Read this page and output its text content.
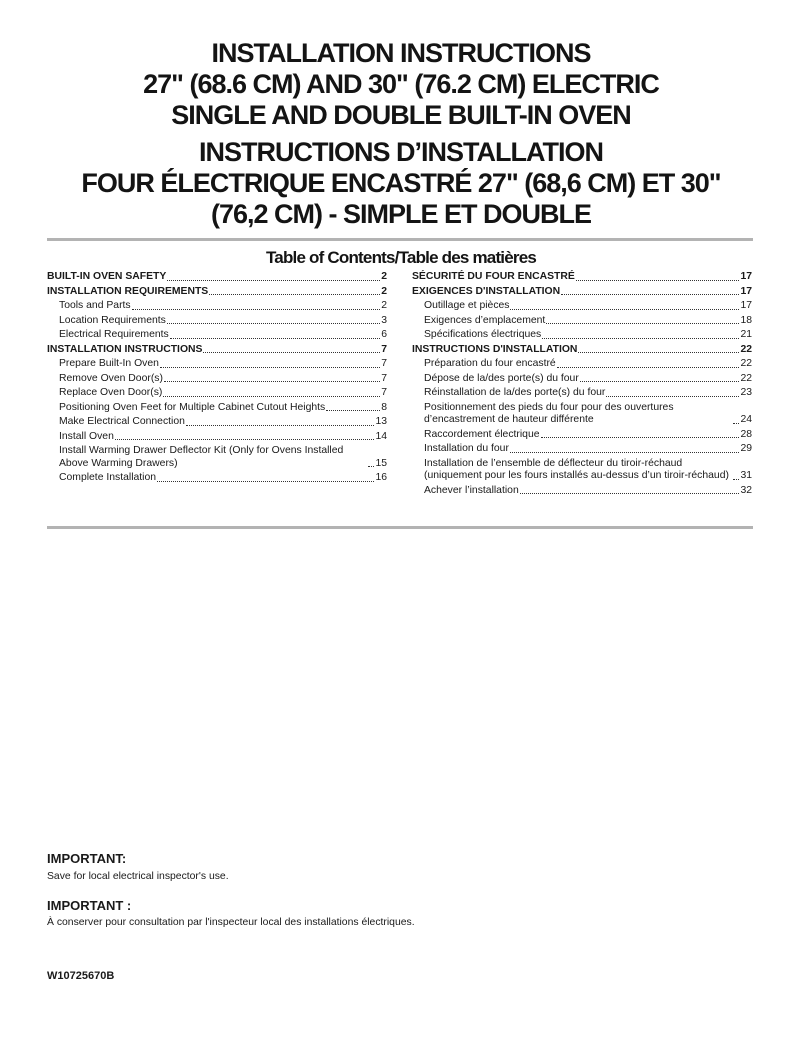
INSTALLATION INSTRUCTIONS
27" (68.6 CM) AND 30" (76.2 CM) ELECTRIC
SINGLE AND DOUBLE BUILT-IN OVEN
INSTRUCTIONS D’INSTALLATION
FOUR ÉLECTRIQUE ENCASTRÉ 27" (68,6 CM) ET 30"
(76,2 CM) - SIMPLE ET DOUBLE
Table of Contents/Table des matières
BUILT-IN OVEN SAFETY	2
INSTALLATION REQUIREMENTS	2
Tools and Parts	2
Location Requirements	3
Electrical Requirements	6
INSTALLATION INSTRUCTIONS	7
Prepare Built-In Oven	7
Remove Oven Door(s)	7
Replace Oven Door(s)	7
Positioning Oven Feet for Multiple Cabinet Cutout Heights	8
Make Electrical Connection	13
Install Oven	14
Install Warming Drawer Deflector Kit (Only for Ovens Installed Above Warming Drawers)	15
Complete Installation	16
SÉCURITÉ DU FOUR ENCASTRÉ	17
EXIGENCES D'INSTALLATION	17
Outillage et pièces	17
Exigences d’emplacement	18
Spécifications électriques	21
INSTRUCTIONS D'INSTALLATION	22
Préparation du four encastré	22
Dépose de la/des porte(s) du four	22
Réinstallation de la/des porte(s) du four	23
Positionnement des pieds du four pour des ouvertures d’encastrement de hauteur différente	24
Raccordement électrique	28
Installation du four	29
Installation de l’ensemble de déflecteur du tiroir-réchaud (uniquement pour les fours installés au-dessus d’un tiroir-réchaud)	31
Achever l’installation	32
IMPORTANT:
Save for local electrical inspector's use.
IMPORTANT :
À conserver pour consultation par l'inspecteur local des installations électriques.
W10725670B
